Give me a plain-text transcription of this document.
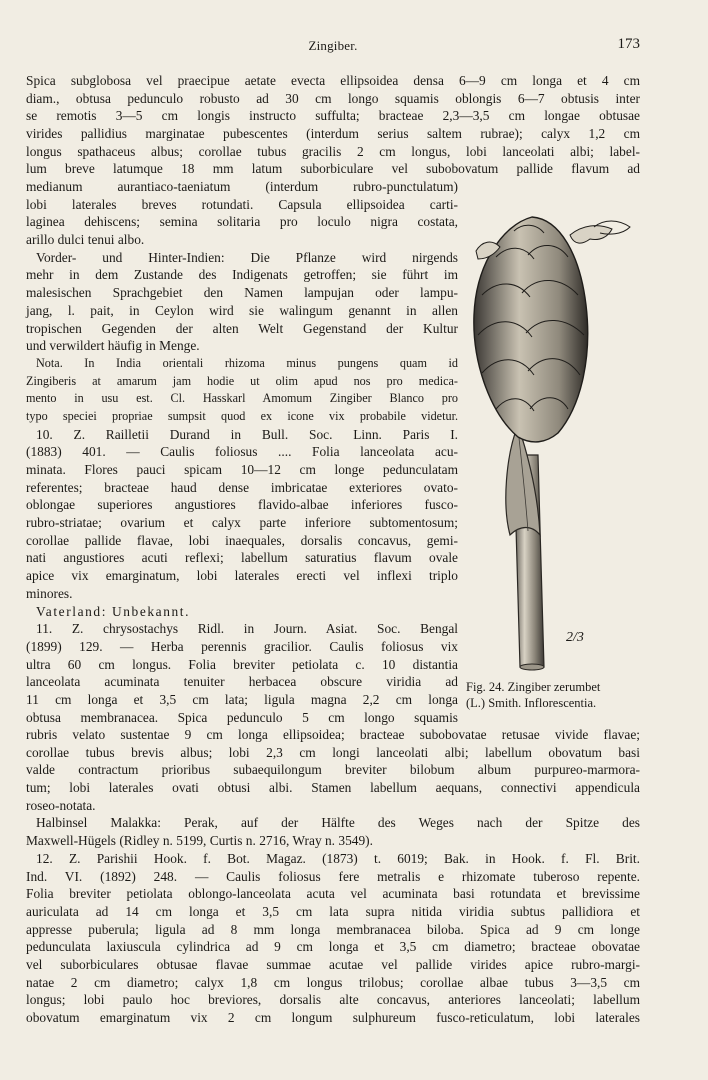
Zingiber.	173
Spica subglobosa vel praecipue aetate evecta ellipsoidea densa 6—9 cm longa et 4 cm
diam., obtusa pedunculo robusto ad 30 cm longo squamis oblongis 6—7 obtusis inter
se remotis 3—5 cm longis instructo suffulta; bracteae 2,3—3,5 cm longae obtusae
virides pallidius marginatae pubescentes (interdum serius saltem rubrae); calyx 1,2 cm
longus spathaceus albus; corollae tubus gracilis 2 cm longus, lobi lanceolati albi; label-
lum breve latumque 18 mm latum suborbiculare vel subobovatum pallide flavum ad
medianum aurantiaco-taeniatum (interdum rubro-punctulatum)
lobi laterales breves rotundati. Capsula ellipsoidea carti-
laginea dehiscens; semina solitaria pro loculo nigra costata,
arillo dulci tenui albo.
Vorder- und Hinter-Indien: Die Pflanze wird nirgends
mehr in dem Zustande des Indigenats getroffen; sie führt im
malesischen Sprachgebiet den Namen lampujan oder lampu-
jang, l. pait, in Ceylon wird sie walingum genannt in allen
tropischen Gegenden der alten Welt Gegenstand der Kultur
und verwildert häufig in Menge.
Nota. In India orientali rhizoma minus pungens quam id
Zingiberis at amarum jam hodie ut olim apud nos pro medica-
mento in usu est. Cl. Hasskarl Amomum Zingiber Blanco pro
typo speciei propriae sumpsit quod ex icone vix probabile videtur.
10. Z. Railletii Durand in Bull. Soc. Linn. Paris I.
(1883) 401. — Caulis foliosus .... Folia lanceolata acu-
minata. Flores pauci spicam 10—12 cm longe pedunculatam
referentes; bracteae haud dense imbricatae exteriores ovato-
oblongae superiores angustiores flavido-albae inferiores fusco-
rubro-striatae; ovarium et calyx parte inferiore subtomentosum;
corollae pallide flavae, lobi inaequales, dorsalis concavus, gemi-
nati angustiores acuti reflexi; labellum saturatius flavum ovale
apice vix emarginatum, lobi laterales erecti vel inflexi triplo
minores.
Vaterland: Unbekannt.
11. Z. chrysostachys Ridl. in Journ. Asiat. Soc. Bengal
(1899) 129. — Herba perennis gracilior. Caulis foliosus vix
ultra 60 cm longus. Folia breviter petiolata c. 10 distantia
lanceolata acuminata tenuiter herbacea obscure viridia ad
11 cm longa et 3,5 cm lata; ligula magna 2,2 cm longa
obtusa membranacea. Spica pedunculo 5 cm longo squamis
2/3
Fig. 24. Zingiber zerumbet
(L.) Smith. Inflorescentia.
rubris velato sustentae 9 cm longa ellipsoidea; bracteae subobovatae retusae vivide flavae;
corollae tubus brevis albus; lobi 2,3 cm longi lanceolati albi; labellum obovatum basi
valde contractum prioribus subaequilongum breviter bilobum album purpureo-marmora-
tum; lobi laterales ovati obtusi albi. Stamen labellum aequans, connectivi appendicula
roseo-notata.
Halbinsel Malakka: Perak, auf der Hälfte des Weges nach der Spitze des
Maxwell-Hügels (Ridley n. 5199, Curtis n. 2716, Wray n. 3549).
12. Z. Parishii Hook. f. Bot. Magaz. (1873) t. 6019; Bak. in Hook. f. Fl. Brit.
Ind. VI. (1892) 248. — Caulis foliosus fere metralis e rhizomate tuberoso repente.
Folia breviter petiolata oblongo-lanceolata acuta vel acuminata basi rotundata et brevissime
auriculata ad 14 cm longa et 3,5 cm lata supra nitida viridia subtus pallidiora et
appresse puberula; ligula ad 8 mm longa membranacea biloba. Spica ad 9 cm longe
pedunculata laxiuscula cylindrica ad 9 cm longa et 3,5 cm diametro; bracteae obovatae
vel suborbiculares obtusae flavae summae acutae vel pallide virides apice rubro-margi-
natae 2 cm diametro; calyx 1,8 cm longus trilobus; corollae albae tubus 3—3,5 cm
longus; lobi paulo hoc breviores, dorsalis alte concavus, anteriores lanceolati; labellum
obovatum emarginatum vix 2 cm longum sulphureum fusco-reticulatum, lobi laterales
